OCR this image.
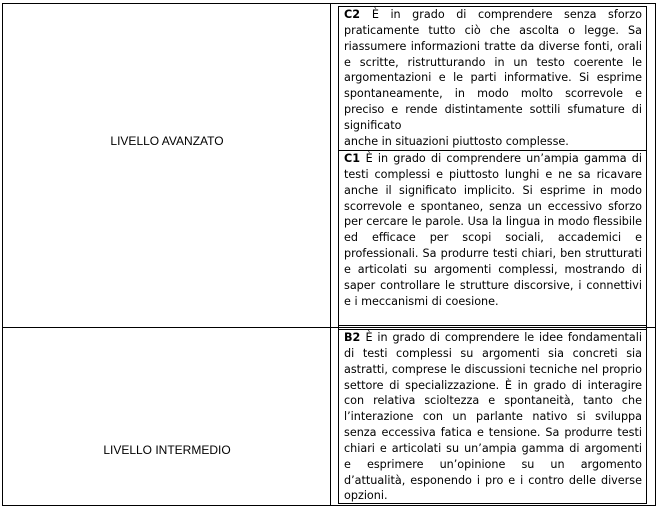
LIVELLO AVANZATO
LIVELLO INTERMEDIO
C2 È in grado di comprendere senza sforzo praticamente tutto ciò che ascolta o legge. Sa riassumere informazioni tratte da diverse fonti, orali e scritte, ristrutturando in un testo coerente le argomentazioni e le parti informative. Si esprime spontaneamente, in modo molto scorrevole e preciso e rende distintamente sottili sfumature di significato
anche in situazioni piuttosto complesse.
C1 È in grado di comprendere un’ampia gamma di testi complessi e piuttosto lunghi e ne sa ricavare anche il significato implicito. Si esprime in modo scorrevole e spontaneo, senza un eccessivo sforzo per cercare le parole. Usa la lingua in modo flessibile ed efficace per scopi sociali, accademici e professionali. Sa produrre testi chiari, ben strutturati e articolati su argomenti complessi, mostrando di saper controllare le strutture discorsive, i connettivi e i meccanismi di coesione.
B2 È in grado di comprendere le idee fondamentali di testi complessi su argomenti sia concreti sia astratti, comprese le discussioni tecniche nel proprio settore di specializzazione. È in grado di interagire con relativa scioltezza e spontaneità, tanto che l’interazione con un parlante nativo si sviluppa senza eccessiva fatica e tensione. Sa produrre testi chiari e articolati su un’ampia gamma di argomenti e esprimere un’opinione su un argomento d’attualità, esponendo i pro e i contro delle diverse opzioni.
